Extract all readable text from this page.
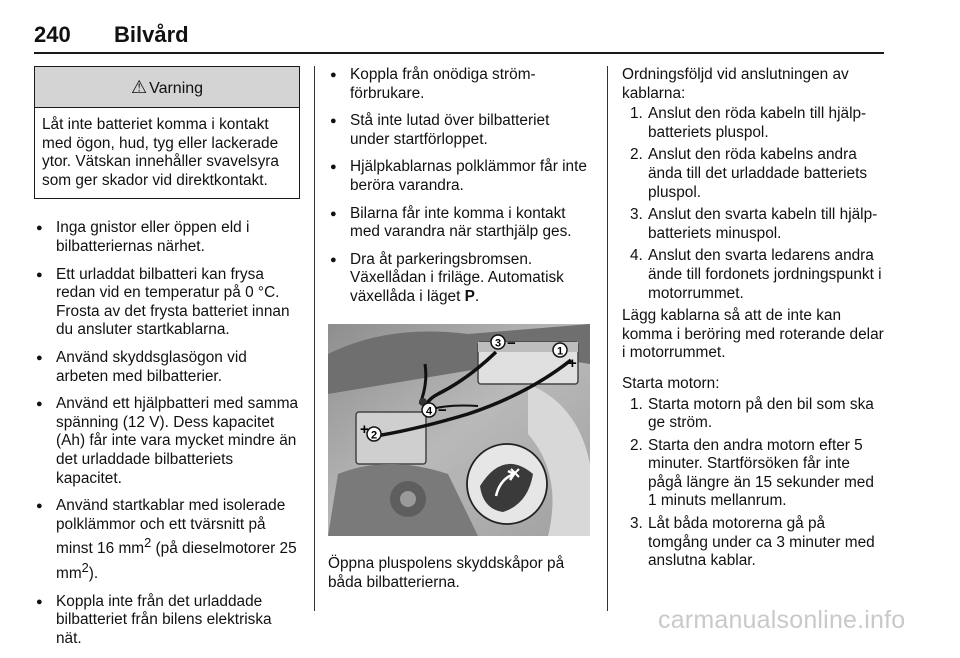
240 Bilvård
⚠ Varning
Låt inte batteriet komma i kontakt med ögon, hud, tyg eller lackerade ytor. Vätskan innehåller svavelsyra som ger skador vid direktkontakt.
● Inga gnistor eller öppen eld i bilbatteriernas närhet.
● Ett urladdat bilbatteri kan frysa redan vid en temperatur på 0 °C. Frosta av det frysta batteriet innan du ansluter startkablarna.
● Använd skyddsglasögon vid arbeten med bilbatterier.
● Använd ett hjälpbatteri med samma spänning (12 V). Dess kapacitet (Ah) får inte vara mycket mindre än det urladdade bilbatteriets kapacitet.
● Använd startkablar med isolerade polklämmor och ett tvärsnitt på minst 16 $mm^2$ (på dieselmotorer 25 $mm^2$).
● Koppla inte från det urladdade bilbatteriet från bilens elektriska nät.
● Koppla från onödiga strömförbrukare.
● Stå inte lutad över bilbatteriet under startförloppet.
● Hjälpkablarnas polklämmor får inte beröra varandra.
● Bilarna får inte komma i kontakt med varandra när starthjälp ges.
● Dra åt parkeringsbromsen. Växellådan i friläge. Automatisk växellåda i läget P.
1
+
3 −
4 −
2
+
Öppna pluspolens skyddskåpor på båda bilbatterierna.
Ordningsföljd vid anslutningen av kablarna:
1. Anslut den röda kabeln till hjälpbatteriets pluspol.
2. Anslut den röda kabelns andra ända till det urladdade batteriets pluspol.
3. Anslut den svarta kabeln till hjälpbatteriets minuspol.
4. Anslut den svarta ledarens andra ände till fordonets jordningspunkt i motorrummet.
Lägg kablarna så att de inte kan komma i beröring med roterande delar i motorrummet.
Starta motorn:
1. Starta motorn på den bil som ska ge ström.
2. Starta den andra motorn efter 5 minuter. Startförsöken får inte pågå längre än 15 sekunder med 1 minuts mellanrum.
3. Låt båda motorerna gå på tomgång under ca 3 minuter med anslutna kablar.
carmanualsonline.info
